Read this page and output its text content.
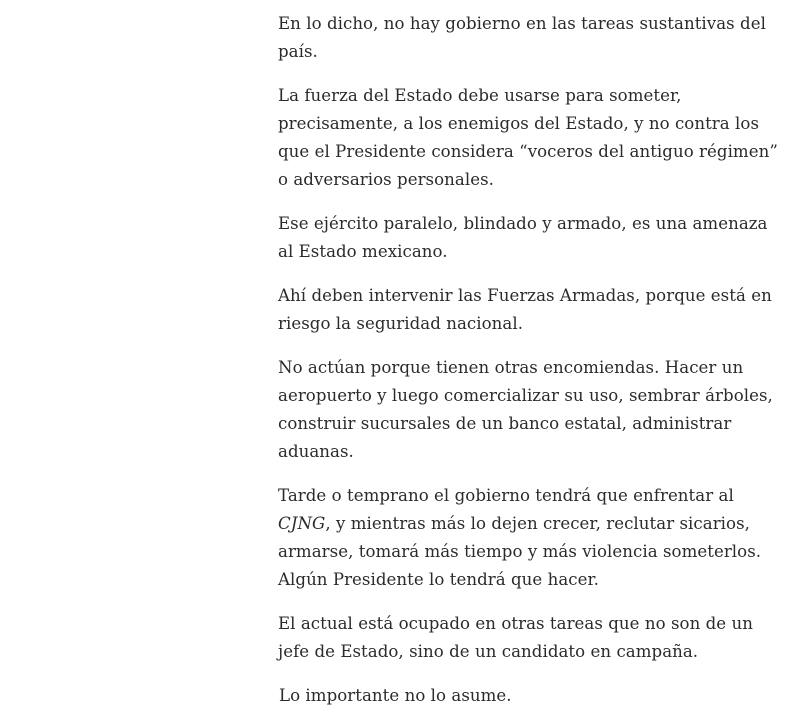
En lo dicho, no hay gobierno en las tareas sustantivas del país.

La fuerza del Estado debe usarse para someter, precisamente, a los enemigos del Estado, y no contra los que el Presidente considera “voceros del antiguo régimen” o adversarios personales.

Ese ejército paralelo, blindado y armado, es una amenaza al Estado mexicano.

Ahí deben intervenir las Fuerzas Armadas, porque está en riesgo la seguridad nacional.

No actúan porque tienen otras encomiendas. Hacer un aeropuerto y luego comercializar su uso, sembrar árboles, construir sucursales de un banco estatal, administrar aduanas.

Tarde o temprano el gobierno tendrá que enfrentar al CJNG, y mientras más lo dejen crecer, reclutar sicarios, armarse, tomará más tiempo y más violencia someterlos. Algún Presidente lo tendrá que hacer.

El actual está ocupado en otras tareas que no son de un jefe de Estado, sino de un candidato en campaña.

Lo importante no lo asume.
